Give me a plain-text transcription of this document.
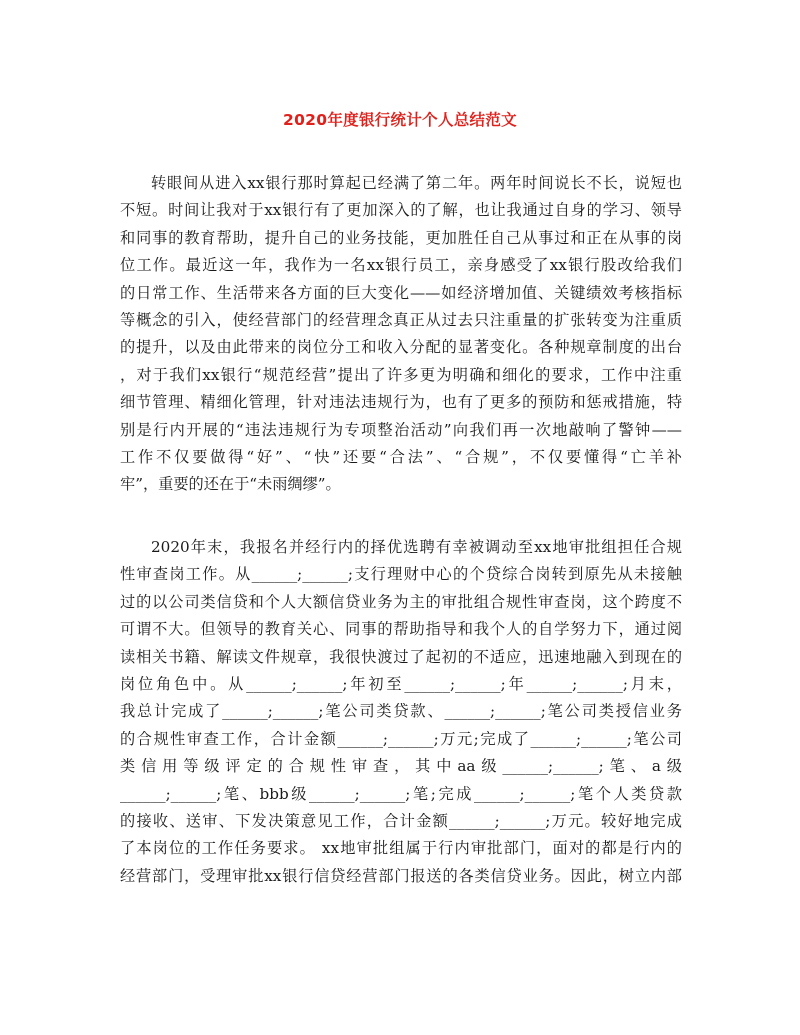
2020年度银行统计个人总结范文
转眼间从进入xx银行那时算起已经满了第二年。两年时间说长不长，说短也
不短。时间让我对于xx银行有了更加深入的了解，也让我通过自身的学习、领导
和同事的教育帮助，提升自己的业务技能，更加胜任自己从事过和正在从事的岗
位工作。最近这一年，我作为一名xx银行员工，亲身感受了xx银行股改给我们
的日常工作、生活带来各方面的巨大变化——如经济增加值、关键绩效考核指标
等概念的引入，使经营部门的经营理念真正从过去只注重量的扩张转变为注重质
的提升，以及由此带来的岗位分工和收入分配的显著变化。各种规章制度的出台
，对于我们xx银行“规范经营”提出了许多更为明确和细化的要求，工作中注重
细节管理、精细化管理，针对违法违规行为，也有了更多的预防和惩戒措施，特
别是行内开展的“违法违规行为专项整治活动”向我们再一次地敲响了警钟——
工作不仅要做得“好”、“快”还要“合法”、“合规”，不仅要懂得“亡羊补
牢”，重要的还在于“未雨绸缪”。
2020年末，我报名并经行内的择优选聘有幸被调动至xx地审批组担任合规
性审查岗工作。从______;______;支行理财中心的个贷综合岗转到原先从未接触
过的以公司类信贷和个人大额信贷业务为主的审批组合规性审查岗，这个跨度不
可谓不大。但领导的教育关心、同事的帮助指导和我个人的自学努力下，通过阅
读相关书籍、解读文件规章，我很快渡过了起初的不适应，迅速地融入到现在的
岗位角色中。从______;______;年初至______;______;年______;______;月末，
我总计完成了______;______;笔公司类贷款、______;______;笔公司类授信业务
的合规性审查工作，合计金额______;______;万元;完成了______;______;笔公司
类信用等级评定的合规性审查，其中aa级______;______;笔、a级
______;______;笔、bbb级______;______;笔;完成______;______;笔个人类贷款
的接收、送审、下发决策意见工作，合计金额______;______;万元。较好地完成
了本岗位的工作任务要求。 xx地审批组属于行内审批部门，面对的都是行内的
经营部门，受理审批xx银行信贷经营部门报送的各类信贷业务。因此，树立内部
